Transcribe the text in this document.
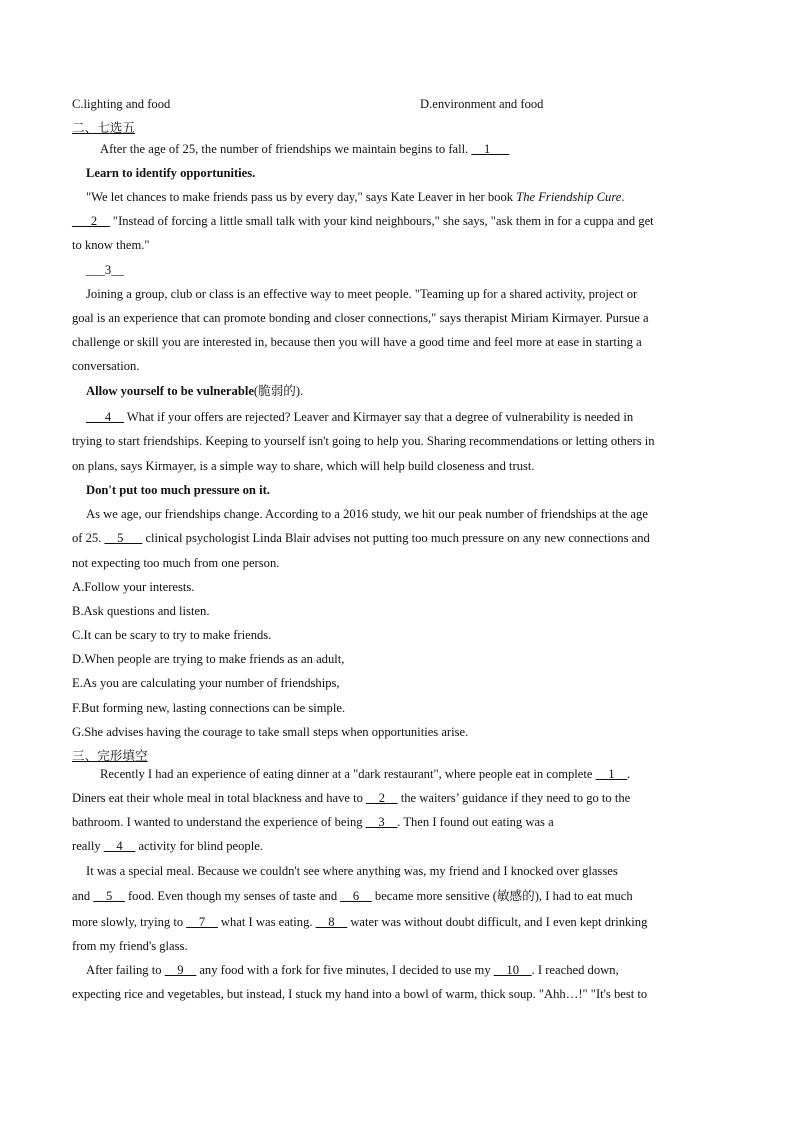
C.lighting and food	D.environment and food
二、七选五
After the age of 25, the number of friendships we maintain begins to fall. __1___
Learn to identify opportunities.
"We let chances to make friends pass us by every day," says Kate Leaver in her book The Friendship Cure.
___2__ "Instead of forcing a little small talk with your kind neighbours," she says, "ask them in for a cuppa and get
to know them."
___3__
Joining a group, club or class is an effective way to meet people. "Teaming up for a shared activity, project or
goal is an experience that can promote bonding and closer connections," says therapist Miriam Kirmayer. Pursue a
challenge or skill you are interested in, because then you will have a good time and feel more at ease in starting a
conversation.
Allow yourself to be vulnerable(脆弱的).
___4__ What if your offers are rejected? Leaver and Kirmayer say that a degree of vulnerability is needed in
trying to start friendships. Keeping to yourself isn't going to help you. Sharing recommendations or letting others in
on plans, says Kirmayer, is a simple way to share, which will help build closeness and trust.
Don't put too much pressure on it.
As we age, our friendships change. According to a 2016 study, we hit our peak number of friendships at the age
of 25. __5___ clinical psychologist Linda Blair advises not putting too much pressure on any new connections and
not expecting too much from one person.
A.Follow your interests.
B.Ask questions and listen.
C.It can be scary to try to make friends.
D.When people are trying to make friends as an adult,
E.As you are calculating your number of friendships,
F.But forming new, lasting connections can be simple.
G.She advises having the courage to take small steps when opportunities arise.
三、完形填空
Recently I had an experience of eating dinner at a "dark restaurant", where people eat in complete __1__.
Diners eat their whole meal in total blackness and have to __2__ the waiters’ guidance if they need to go to the
bathroom. I wanted to understand the experience of being __3__. Then I found out eating was a
really __4__ activity for blind people.
It was a special meal. Because we couldn't see where anything was, my friend and I knocked over glasses
and __5__ food. Even though my senses of taste and __6__ became more sensitive (敏感的), I had to eat much
more slowly, trying to __7__ what I was eating. __8__ water was without doubt difficult, and I even kept drinking
from my friend's glass.
After failing to __9__ any food with a fork for five minutes, I decided to use my __10__. I reached down,
expecting rice and vegetables, but instead, I stuck my hand into a bowl of warm, thick soup. "Ahh…!" "It's best to
